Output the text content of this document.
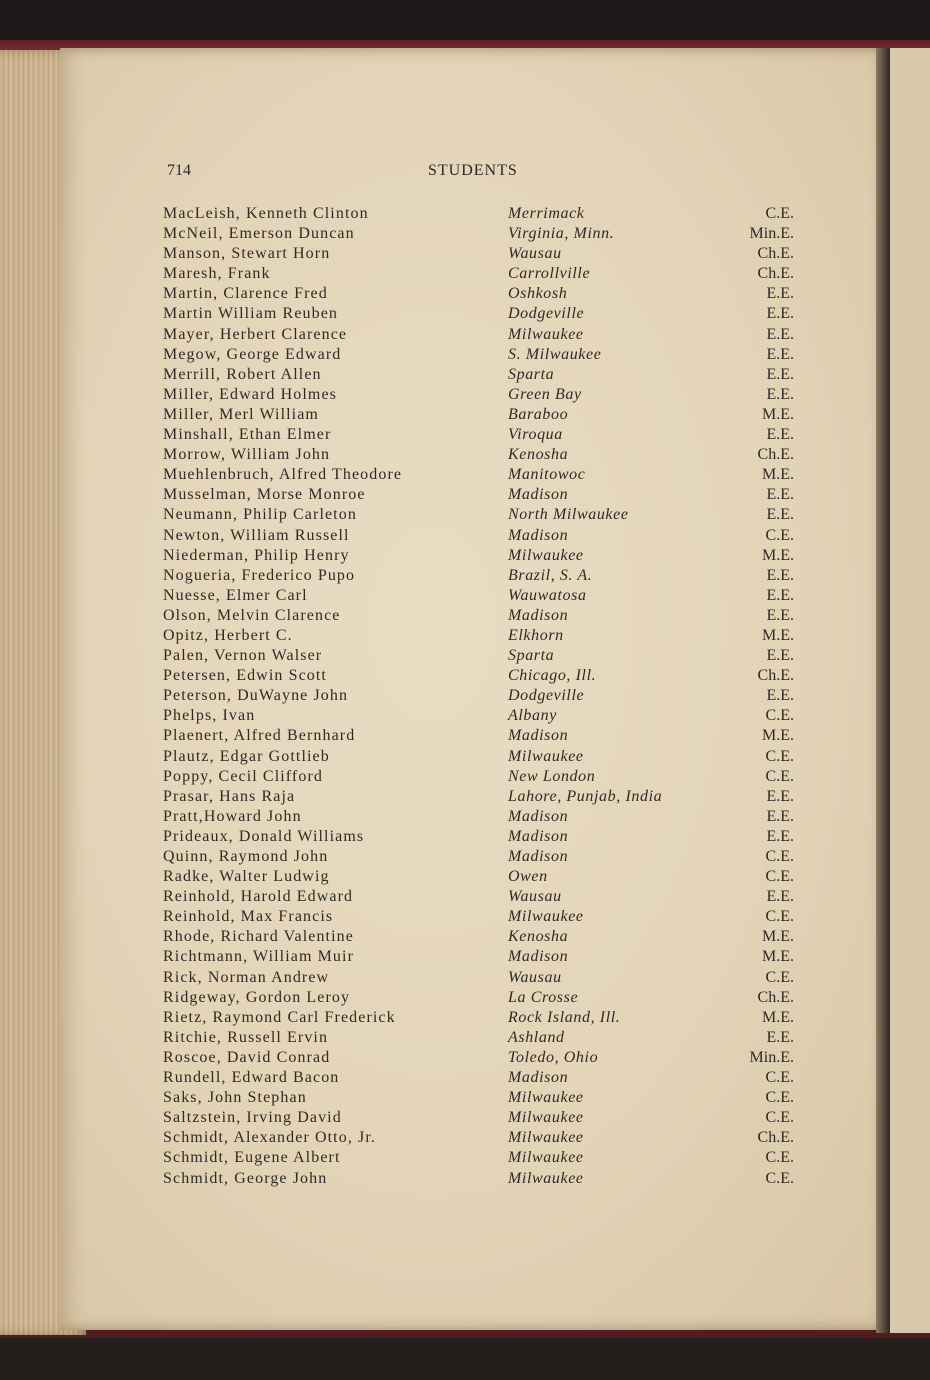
714	STUDENTS
MacLeish, Kenneth Clinton	Merrimack	C.E.
McNeil, Emerson Duncan	Virginia, Minn.	Min.E.
Manson, Stewart Horn	Wausau	Ch.E.
Maresh, Frank	Carrollville	Ch.E.
Martin, Clarence Fred	Oshkosh	E.E.
Martin William Reuben	Dodgeville	E.E.
Mayer, Herbert Clarence	Milwaukee	E.E.
Megow, George Edward	S. Milwaukee	E.E.
Merrill, Robert Allen	Sparta	E.E.
Miller, Edward Holmes	Green Bay	E.E.
Miller, Merl William	Baraboo	M.E.
Minshall, Ethan Elmer	Viroqua	E.E.
Morrow, William John	Kenosha	Ch.E.
Muehlenbruch, Alfred Theodore	Manitowoc	M.E.
Musselman, Morse Monroe	Madison	E.E.
Neumann, Philip Carleton	North Milwaukee	E.E.
Newton, William Russell	Madison	C.E.
Niederman, Philip Henry	Milwaukee	M.E.
Nogueria, Frederico Pupo	Brazil, S. A.	E.E.
Nuesse, Elmer Carl	Wauwatosa	E.E.
Olson, Melvin Clarence	Madison	E.E.
Opitz, Herbert C.	Elkhorn	M.E.
Palen, Vernon Walser	Sparta	E.E.
Petersen, Edwin Scott	Chicago, Ill.	Ch.E.
Peterson, DuWayne John	Dodgeville	E.E.
Phelps, Ivan	Albany	C.E.
Plaenert, Alfred Bernhard	Madison	M.E.
Plautz, Edgar Gottlieb	Milwaukee	C.E.
Poppy, Cecil Clifford	New London	C.E.
Prasar, Hans Raja	Lahore, Punjab, India	E.E.
Pratt,Howard John	Madison	E.E.
Prideaux, Donald Williams	Madison	E.E.
Quinn, Raymond John	Madison	C.E.
Radke, Walter Ludwig	Owen	C.E.
Reinhold, Harold Edward	Wausau	E.E.
Reinhold, Max Francis	Milwaukee	C.E.
Rhode, Richard Valentine	Kenosha	M.E.
Richtmann, William Muir	Madison	M.E.
Rick, Norman Andrew	Wausau	C.E.
Ridgeway, Gordon Leroy	La Crosse	Ch.E.
Rietz, Raymond Carl Frederick	Rock Island, Ill.	M.E.
Ritchie, Russell Ervin	Ashland	E.E.
Roscoe, David Conrad	Toledo, Ohio	Min.E.
Rundell, Edward Bacon	Madison	C.E.
Saks, John Stephan	Milwaukee	C.E.
Saltzstein, Irving David	Milwaukee	C.E.
Schmidt, Alexander Otto, Jr.	Milwaukee	Ch.E.
Schmidt, Eugene Albert	Milwaukee	C.E.
Schmidt, George John	Milwaukee	C.E.
